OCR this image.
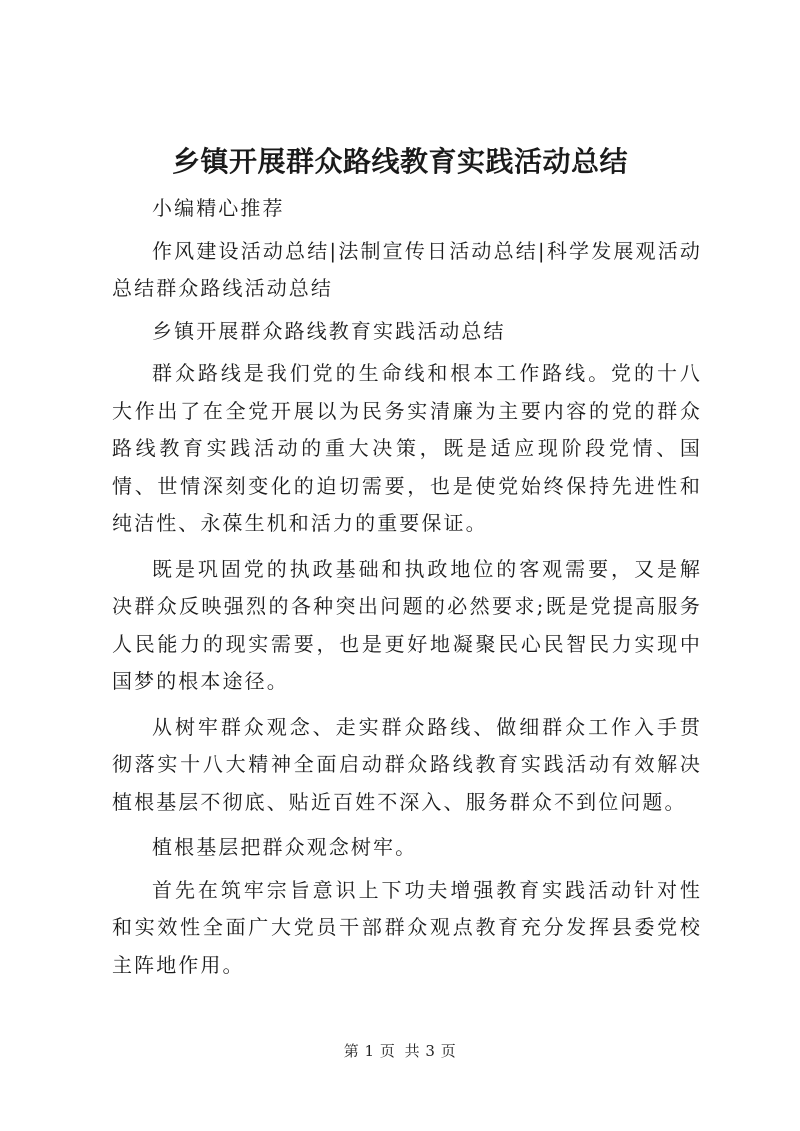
乡镇开展群众路线教育实践活动总结

小编精心推荐

作风建设活动总结|法制宣传日活动总结|科学发展观活动总结群众路线活动总结

乡镇开展群众路线教育实践活动总结

群众路线是我们党的生命线和根本工作路线。党的十八大作出了在全党开展以为民务实清廉为主要内容的党的群众路线教育实践活动的重大决策，既是适应现阶段党情、国情、世情深刻变化的迫切需要，也是使党始终保持先进性和纯洁性、永葆生机和活力的重要保证。

既是巩固党的执政基础和执政地位的客观需要，又是解决群众反映强烈的各种突出问题的必然要求;既是党提高服务人民能力的现实需要，也是更好地凝聚民心民智民力实现中国梦的根本途径。

从树牢群众观念、走实群众路线、做细群众工作入手贯彻落实十八大精神全面启动群众路线教育实践活动有效解决植根基层不彻底、贴近百姓不深入、服务群众不到位问题。

植根基层把群众观念树牢。

首先在筑牢宗旨意识上下功夫增强教育实践活动针对性和实效性全面广大党员干部群众观点教育充分发挥县委党校主阵地作用。

第 1 页 共 3 页
